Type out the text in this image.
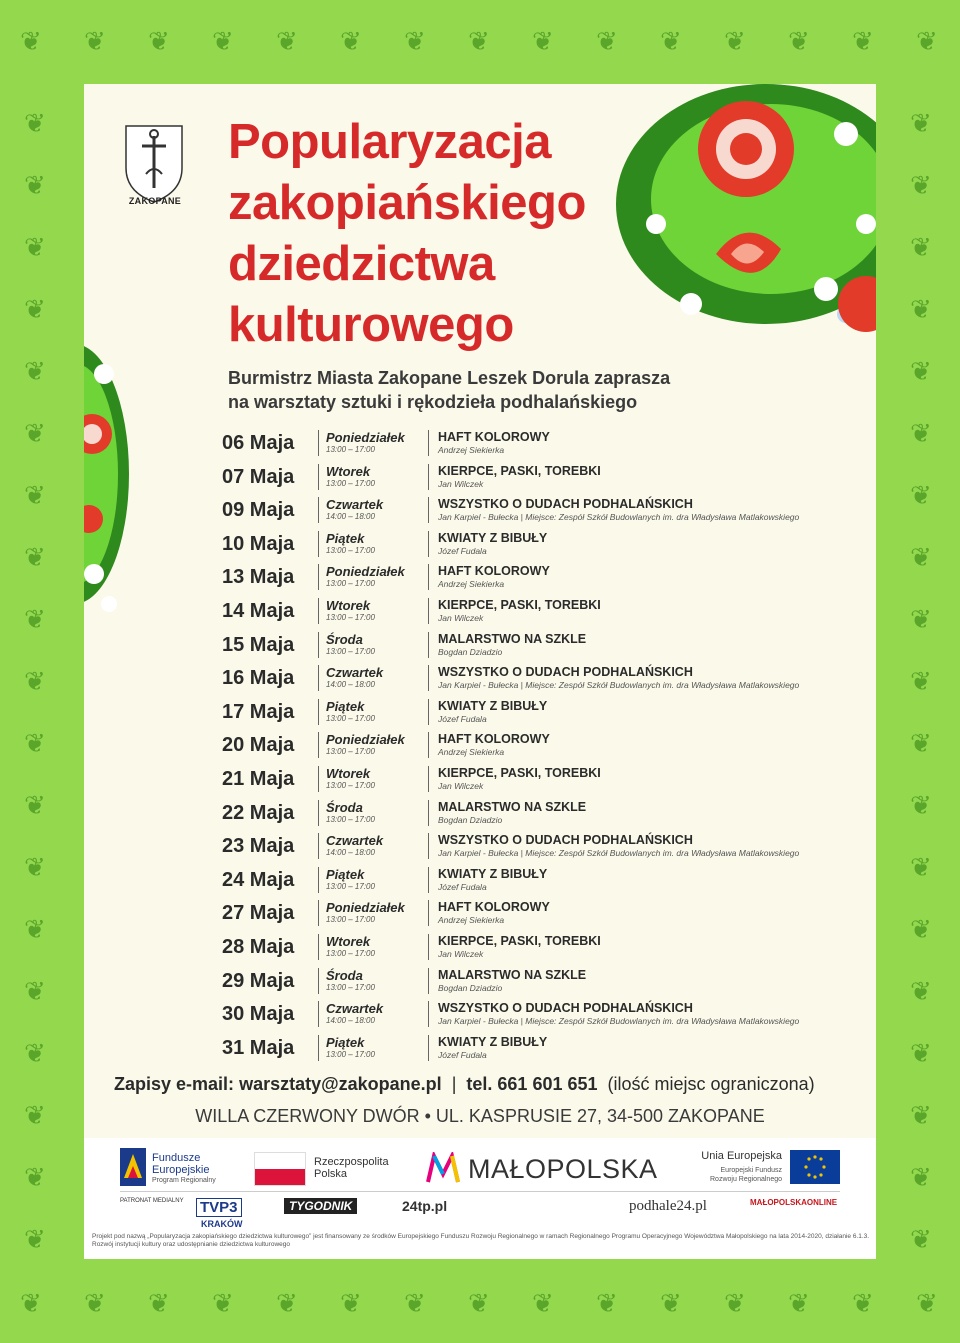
❦
❦
❦
❦
❦
❦
❦
❦
❦
❦
❦
❦
❦
❦
❦
❦
❦
❦
❦
❦
❦
❦
❦
❦
❦
❦
❦
❦
❦
❦
❦	❦
❦	❦
❦	❦
❦	❦
❦	❦
❦	❦
❦	❦
❦	❦
❦	❦
❦	❦
❦	❦
❦	❦
❦	❦
❦	❦
❦	❦
❦	❦
❦	❦
❦	❦
❦	❦
ZAKOPANE
Popularyzacja
zakopiańskiego
dziedzictwa
kulturowego
Burmistrz Miasta Zakopane Leszek Dorula zaprasza
na warsztaty sztuki i rękodzieła podhalańskiego
06 Maja Poniedziałek
13:00 – 17:00
HAFT KOLOROWY
Andrzej Siekierka
07 Maja Wtorek
13:00 – 17:00
KIERPCE, PASKI, TOREBKI
Jan Wilczek
09 Maja Czwartek
14:00 – 18:00
WSZYSTKO O DUDACH PODHALAŃSKICH
Jan Karpiel - Bułecka | Miejsce: Zespół Szkół Budowlanych im. dra Władysława Matlakowskiego
10 Maja Piątek
13:00 – 17:00
KWIATY Z BIBUŁY
Józef Fudala
13 Maja Poniedziałek
13:00 – 17:00
HAFT KOLOROWY
Andrzej Siekierka
14 Maja Wtorek
13:00 – 17:00
KIERPCE, PASKI, TOREBKI
Jan Wilczek
15 Maja Środa
13:00 – 17:00
MALARSTWO NA SZKLE
Bogdan Dziadzio
16 Maja Czwartek
14:00 – 18:00
WSZYSTKO O DUDACH PODHALAŃSKICH
Jan Karpiel - Bułecka | Miejsce: Zespół Szkół Budowlanych im. dra Władysława Matlakowskiego
17 Maja Piątek
13:00 – 17:00
KWIATY Z BIBUŁY
Józef Fudala
20 Maja Poniedziałek
13:00 – 17:00
HAFT KOLOROWY
Andrzej Siekierka
21 Maja Wtorek
13:00 – 17:00
KIERPCE, PASKI, TOREBKI
Jan Wilczek
22 Maja Środa
13:00 – 17:00
MALARSTWO NA SZKLE
Bogdan Dziadzio
23 Maja Czwartek
14:00 – 18:00
WSZYSTKO O DUDACH PODHALAŃSKICH
Jan Karpiel - Bułecka | Miejsce: Zespół Szkół Budowlanych im. dra Władysława Matlakowskiego
24 Maja Piątek
13:00 – 17:00
KWIATY Z BIBUŁY
Józef Fudala
27 Maja Poniedziałek
13:00 – 17:00
HAFT KOLOROWY
Andrzej Siekierka
28 Maja Wtorek
13:00 – 17:00
KIERPCE, PASKI, TOREBKI
Jan Wilczek
29 Maja Środa
13:00 – 17:00
MALARSTWO NA SZKLE
Bogdan Dziadzio
30 Maja Czwartek
14:00 – 18:00
WSZYSTKO O DUDACH PODHALAŃSKICH
Jan Karpiel - Bułecka | Miejsce: Zespół Szkół Budowlanych im. dra Władysława Matlakowskiego
31 Maja Piątek
13:00 – 17:00
KWIATY Z BIBUŁY
Józef Fudala
Zapisy e-mail: warsztaty@zakopane.pl  |  tel. 661 601 651 (ilość miejsc ograniczona)
WILLA CZERWONY DWÓR • UL. KASPRUSIE 27, 34-500 ZAKOPANE
Fundusze Europejskie
Program Regionalny
Rzeczpospolita Polska	MAŁOPOLSKA	Unia Europejska
Europejski Fundusz Rozwoju Regionalnego
PATRONAT MEDIALNY TVP3
KRAKÓW
TYGODNIK	24tp.pl	podhale24.pl	MAŁOPOLSKAONLINE
Projekt pod nazwą „Popularyzacja zakopiańskiego dziedzictwa kulturowego” jest finansowany ze środków Europejskiego Funduszu Rozwoju Regionalnego w ramach Regionalnego Programu Operacyjnego Województwa Małopolskiego na lata 2014-2020, działanie 6.1.3. Rozwój instytucji kultury oraz udostępnianie dziedzictwa kulturowego
